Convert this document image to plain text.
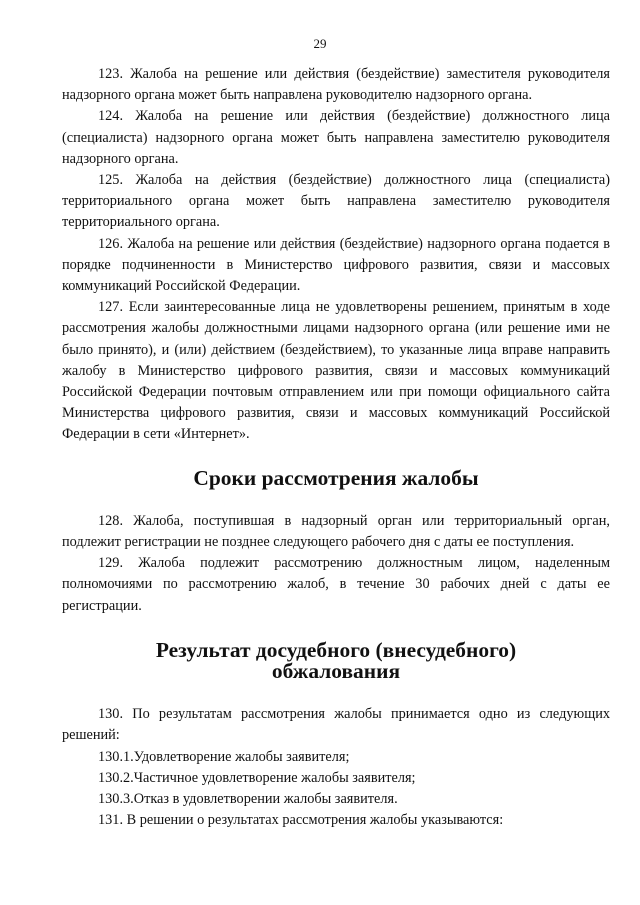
29

123. Жалоба на решение или действия (бездействие) заместителя руководителя надзорного органа может быть направлена руководителю надзорного органа.

124. Жалоба на решение или действия (бездействие) должностного лица (специалиста) надзорного органа может быть направлена заместителю руководителя надзорного органа.

125. Жалоба на действия (бездействие) должностного лица (специалиста) территориального органа может быть направлена заместителю руководителя территориального органа.

126. Жалоба на решение или действия (бездействие) надзорного органа подается в порядке подчиненности в Министерство цифрового развития, связи и массовых коммуникаций Российской Федерации.

127. Если заинтересованные лица не удовлетворены решением, принятым в ходе рассмотрения жалобы должностными лицами надзорного органа (или решение ими не было принято), и (или) действием (бездействием), то указанные лица вправе направить жалобу в Министерство цифрового развития, связи и массовых коммуникаций Российской Федерации почтовым отправлением или при помощи официального сайта Министерства цифрового развития, связи и массовых коммуникаций Российской Федерации в сети «Интернет».

Сроки рассмотрения жалобы

128. Жалоба, поступившая в надзорный орган или территориальный орган, подлежит регистрации не позднее следующего рабочего дня с даты ее поступления.

129. Жалоба подлежит рассмотрению должностным лицом, наделенным полномочиями по рассмотрению жалоб, в течение 30 рабочих дней с даты ее регистрации.

Результат досудебного (внесудебного)
обжалования

130. По результатам рассмотрения жалобы принимается одно из следующих решений:

130.1.Удовлетворение жалобы заявителя;

130.2.Частичное удовлетворение жалобы заявителя;

130.3.Отказ в удовлетворении жалобы заявителя.

131. В решении о результатах рассмотрения жалобы указываются:
